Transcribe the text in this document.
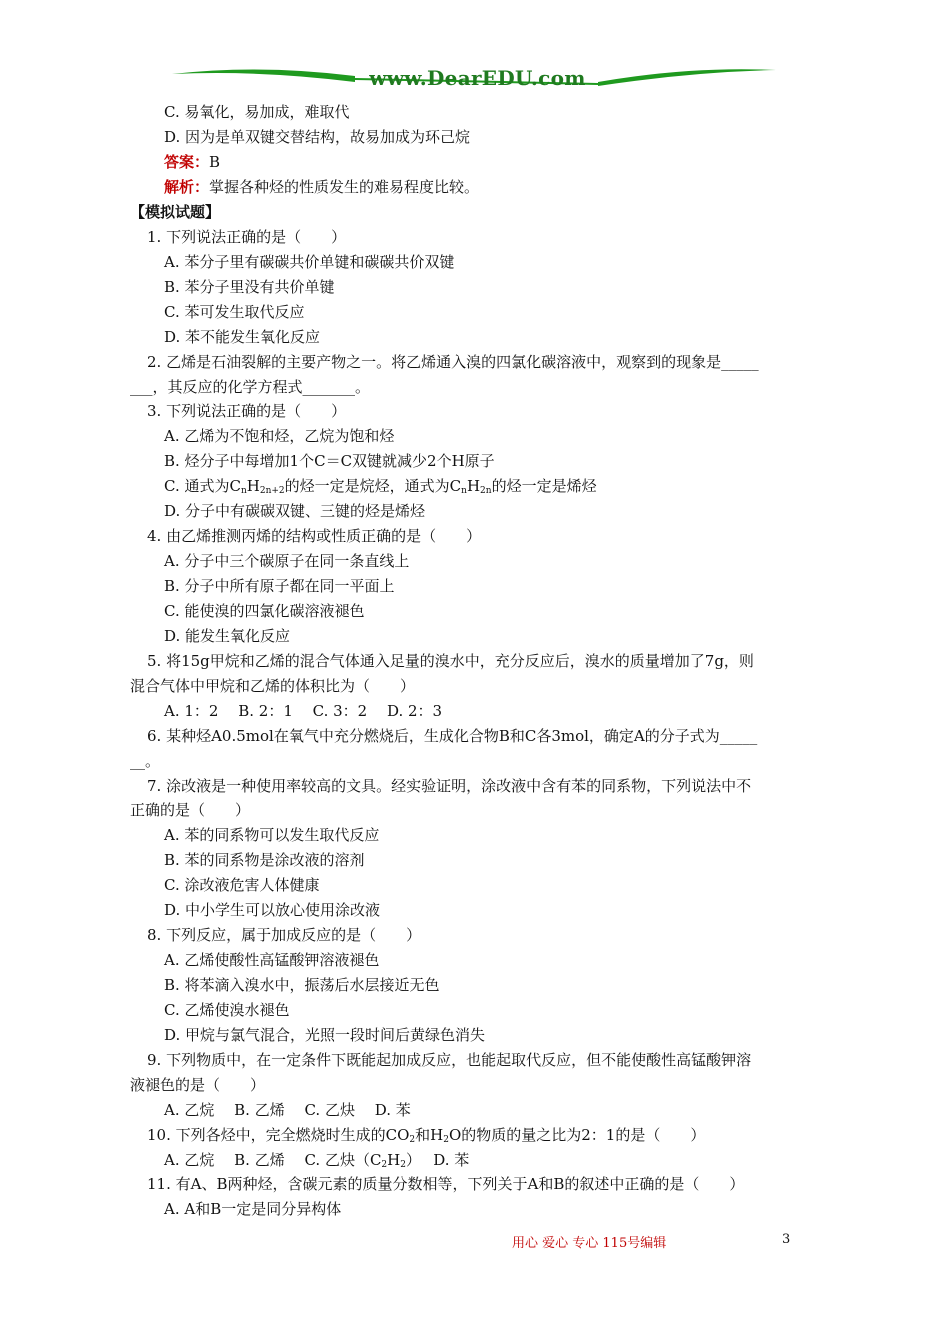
www.DearEDU.com
C. 易氧化，易加成，难取代
D. 因为是单双键交替结构，故易加成为环己烷
答案：B
解析：掌握各种烃的性质发生的难易程度比较。
【模拟试题】
1. 下列说法正确的是（　　）
A. 苯分子里有碳碳共价单键和碳碳共价双键
B. 苯分子里没有共价单键
C. 苯可发生取代反应
D. 苯不能发生氧化反应
2. 乙烯是石油裂解的主要产物之一。将乙烯通入溴的四氯化碳溶液中，观察到的现象是_____
___，其反应的化学方程式_______。
3. 下列说法正确的是（　　）
A. 乙烯为不饱和烃，乙烷为饱和烃
B. 烃分子中每增加1个C＝C双键就减少2个H原子
C. 通式为$C_nH_{2n+2}$的烃一定是烷烃，通式为$C_nH_{2n}$的烃一定是烯烃
D. 分子中有碳碳双键、三键的烃是烯烃
4. 由乙烯推测丙烯的结构或性质正确的是（　　）
A. 分子中三个碳原子在同一条直线上
B. 分子中所有原子都在同一平面上
C. 能使溴的四氯化碳溶液褪色
D. 能发生氧化反应
5. 将15g甲烷和乙烯的混合气体通入足量的溴水中，充分反应后，溴水的质量增加了7g，则
混合气体中甲烷和乙烯的体积比为（　　）
A. 1：2　 B. 2：1　 C. 3：2　 D. 2：3
6. 某种烃A0.5mol在氧气中充分燃烧后，生成化合物B和C各3mol，确定A的分子式为_____
__。
7. 涂改液是一种使用率较高的文具。经实验证明，涂改液中含有苯的同系物，下列说法中不
正确的是（　　）
A. 苯的同系物可以发生取代反应
B. 苯的同系物是涂改液的溶剂
C. 涂改液危害人体健康
D. 中小学生可以放心使用涂改液
8. 下列反应，属于加成反应的是（　　）
A. 乙烯使酸性高锰酸钾溶液褪色
B. 将苯滴入溴水中，振荡后水层接近无色
C. 乙烯使溴水褪色
D. 甲烷与氯气混合，光照一段时间后黄绿色消失
9. 下列物质中，在一定条件下既能起加成反应，也能起取代反应，但不能使酸性高锰酸钾溶
液褪色的是（　　）
A. 乙烷　 B. 乙烯　 C. 乙炔　 D. 苯
10. 下列各烃中，完全燃烧时生成的$CO_2$和$H_2O$的物质的量之比为2：1的是（　　）
A. 乙烷　 B. 乙烯　 C. 乙炔$(C_2H_2)$　 D. 苯
11. 有A、B两种烃，含碳元素的质量分数相等，下列关于A和B的叙述中正确的是（　　）
A. A和B一定是同分异构体
用心 爱心 专心 115号编辑	3
